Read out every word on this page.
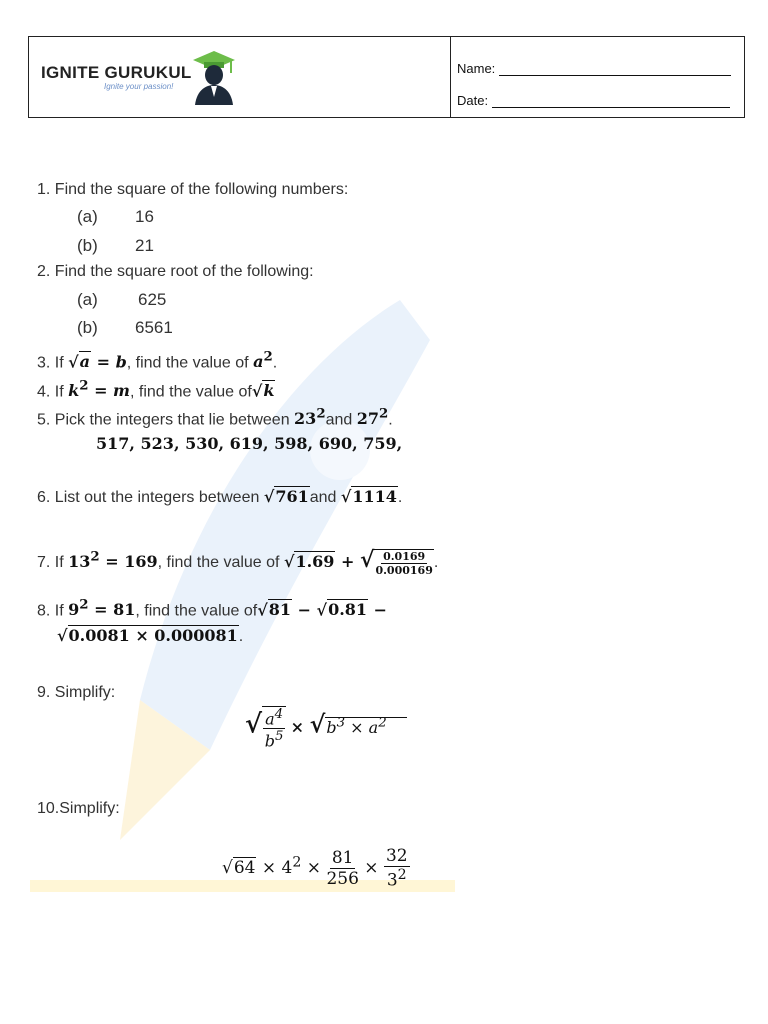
IGNITE GURUKUL
Ignite your passion!
Name:
Date:
1. Find the square of the following numbers:
(a) 16
(b) 21
2. Find the square root of the following:
(a) 625
(b) 6561
3. If √a = b, find the value of $a^2$.
4. If $k^2 = m$, find the value of√k
5. Pick the integers that lie between $23^2and$ $27^2$.
517, 523, 530, 619, 598, 690, 759,
6. List out the integers between √761and √1114.
7. If $13^2 = 169$, find the value of √1.69 + √ $\frac{0.0169}{0.000169}$ .
8. If $9^2 = 81$, find the value of√81 − √0.81 −
√0.0081 × 0.000081.
9. Simplify:
√ $\frac{a^4}{b^5} \times √b^3 \times a^2$
10.Simplify:
$√64 \times 4^2 \times \frac{81}{256} \times \frac{32}{3^2}$
